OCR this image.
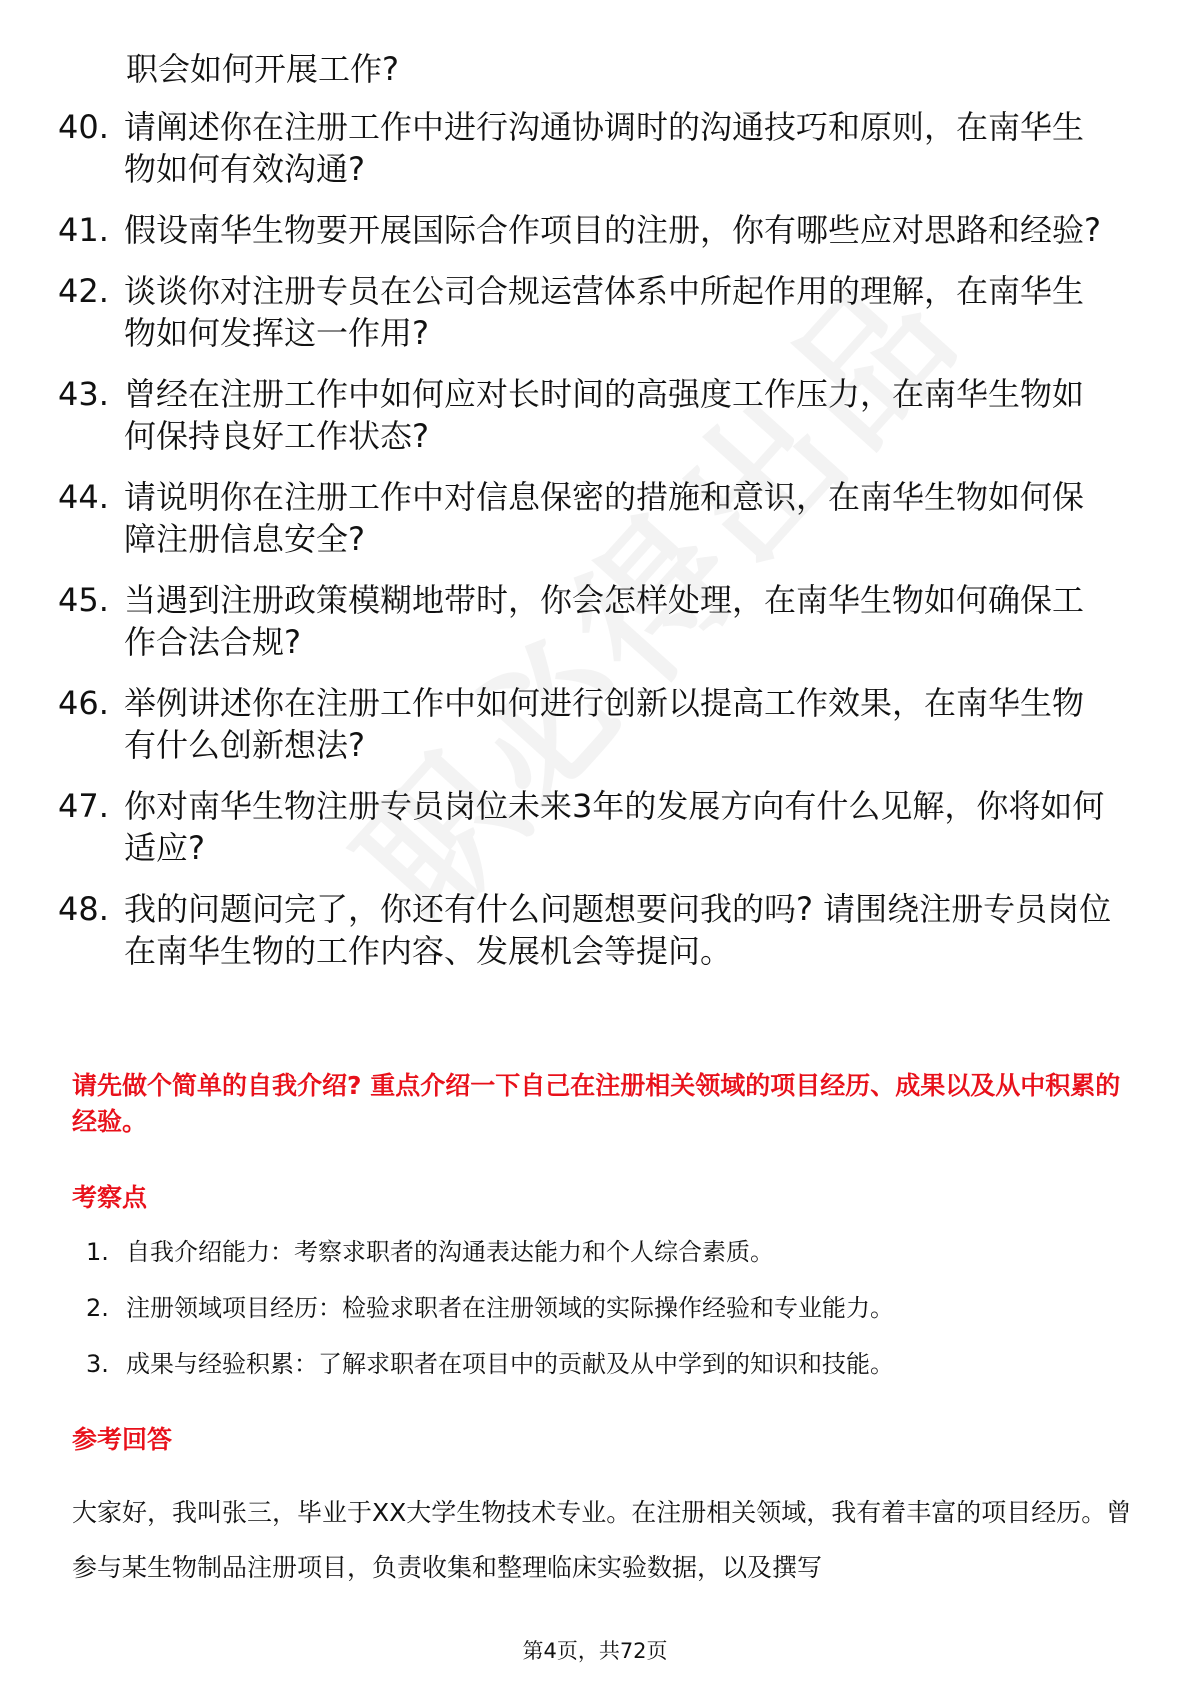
职会如何开展工作?
40. 请阐述你在注册工作中进行沟通协调时的沟通技巧和原则，在南华生物如何有效沟通?
41. 假设南华生物要开展国际合作项目的注册，你有哪些应对思路和经验?
42. 谈谈你对注册专员在公司合规运营体系中所起作用的理解，在南华生物如何发挥这一作用?
43. 曾经在注册工作中如何应对长时间的高强度工作压力，在南华生物如何保持良好工作状态?
44. 请说明你在注册工作中对信息保密的措施和意识，在南华生物如何保障注册信息安全?
45. 当遇到注册政策模糊地带时，你会怎样处理，在南华生物如何确保工作合法合规?
46. 举例讲述你在注册工作中如何进行创新以提高工作效果，在南华生物有什么创新想法?
47. 你对南华生物注册专员岗位未来3年的发展方向有什么见解，你将如何适应?
48. 我的问题问完了，你还有什么问题想要问我的吗? 请围绕注册专员岗位在南华生物的工作内容、发展机会等提问。
请先做个简单的自我介绍? 重点介绍一下自己在注册相关领域的项目经历、成果以及从中积累的经验。
考察点
1. 自我介绍能力：考察求职者的沟通表达能力和个人综合素质。
2. 注册领域项目经历：检验求职者在注册领域的实际操作经验和专业能力。
3. 成果与经验积累：了解求职者在项目中的贡献及从中学到的知识和技能。
参考回答
大家好，我叫张三，毕业于XX大学生物技术专业。在注册相关领域，我有着丰富的项目经历。曾参与某生物制品注册项目，负责收集和整理临床实验数据，以及撰写
第4页，共72页
